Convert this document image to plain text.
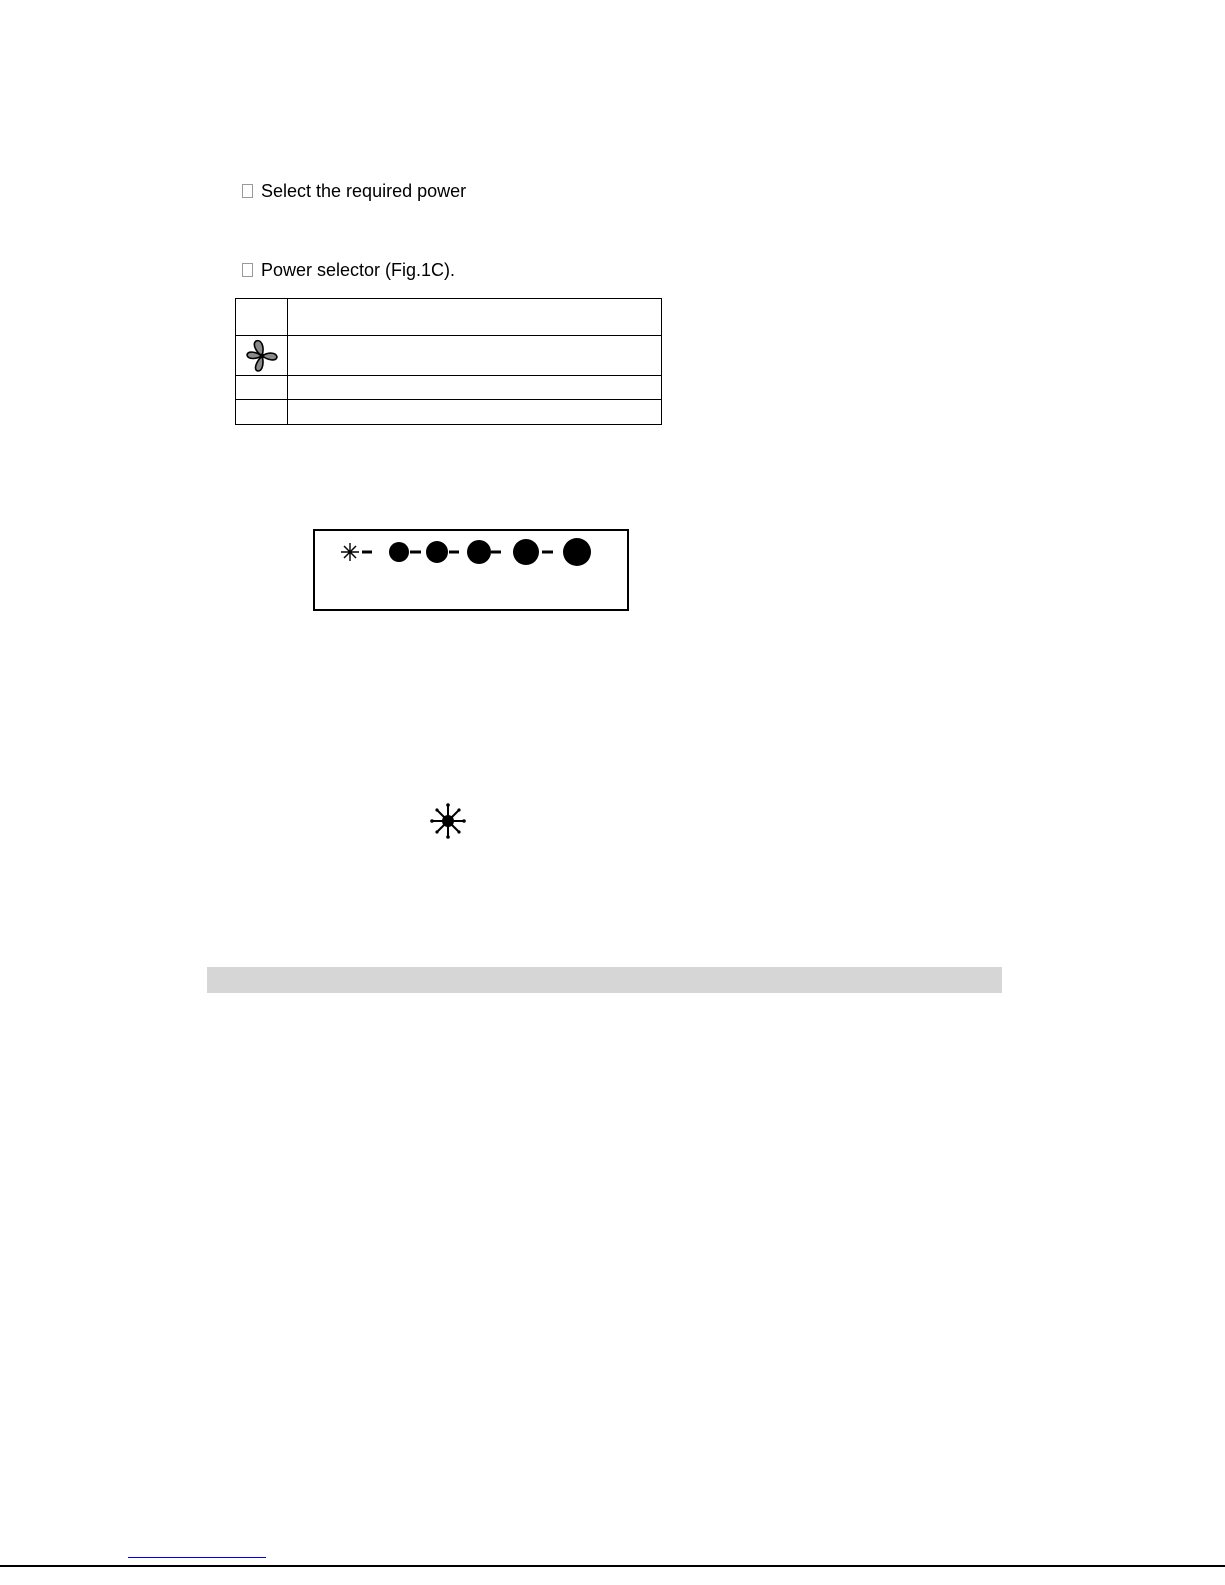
Select the required power
Power selector (Fig.1C).
